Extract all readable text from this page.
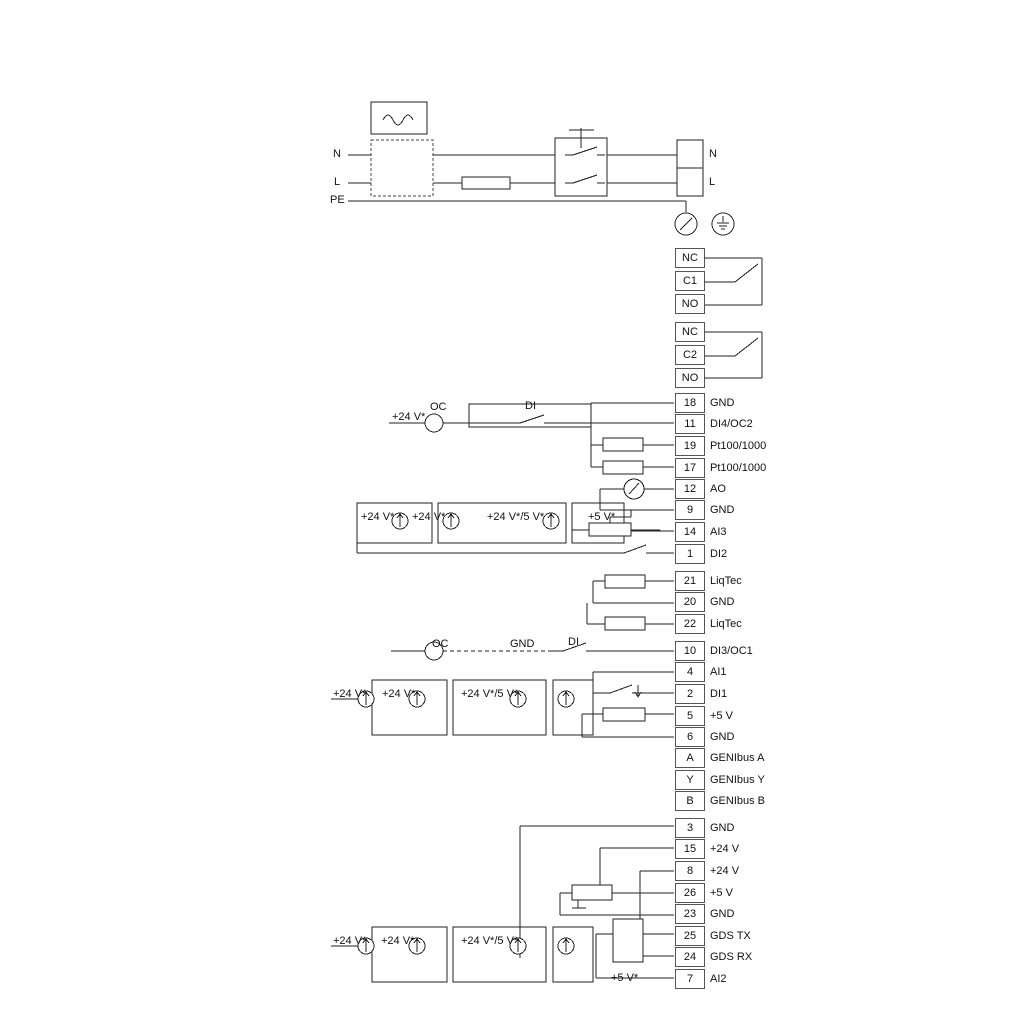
N
L
PE
N
L
NC
C1
NO
NC
C2
NO
18	GND
11	DI4/OC2
19	Pt100/1000
17	Pt100/1000
12	AO
9	GND
14	AI3
1	DI2
21	LiqTec
20	GND
22	LiqTec
10	DI3/OC1
4	AI1
2	DI1
5	+5 V
6	GND
A	GENIbus A
Y	GENIbus Y
B	GENIbus B
3	GND
15	+24 V
8	+24 V
26	+5 V
23	GND
25	GDS TX
24	GDS RX
7	AI2
OC	DI
+24 V*
+24 V* +24 V*	+24 V*/5 V*	+5 V*
OC	GND	DI
+24 V* +24 V*	+24 V*/5 V*
+24 V* +24 V*	+24 V*/5 V*
+5 V*
